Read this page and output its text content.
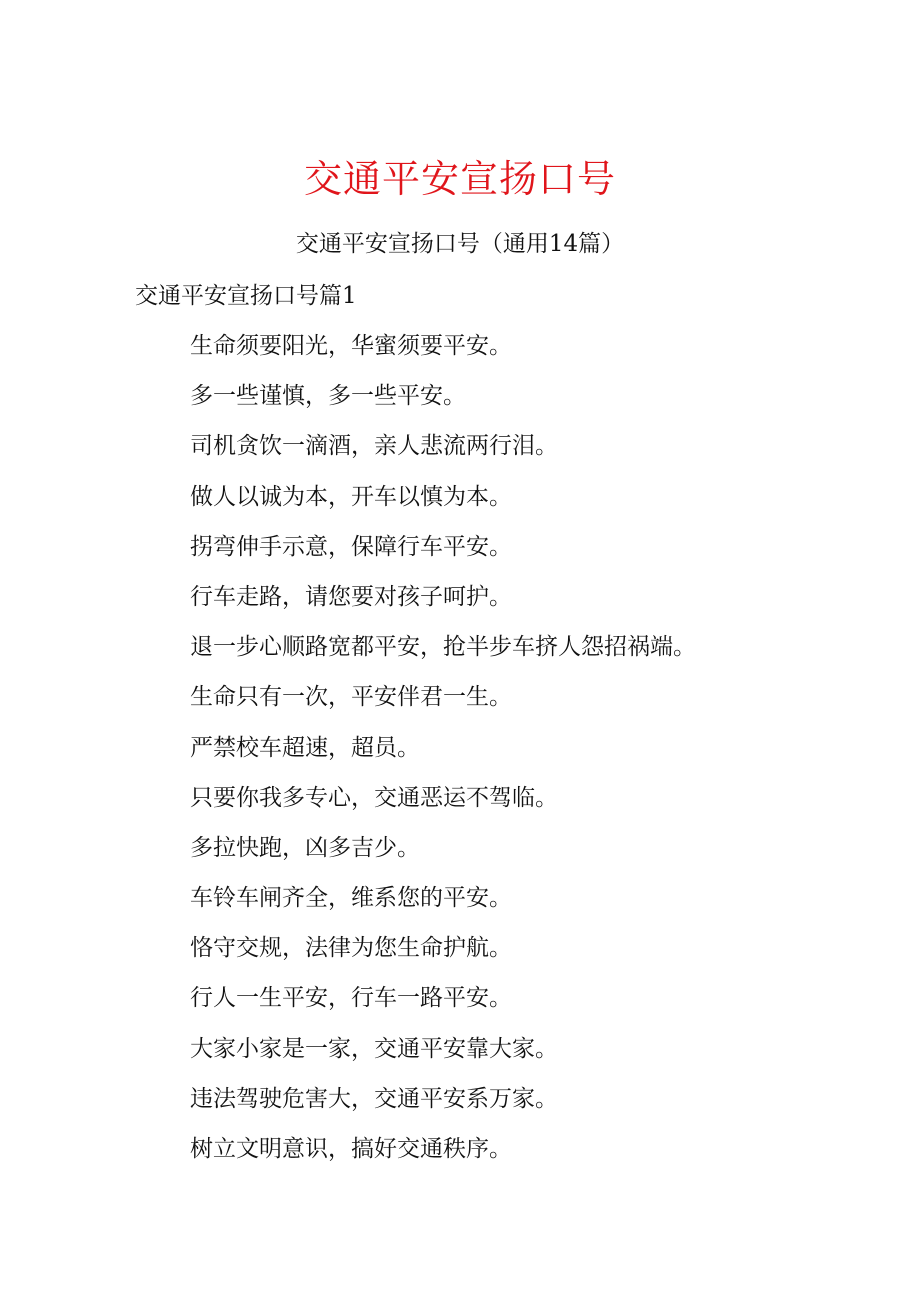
交通平安宣扬口号
交通平安宣扬口号（通用14篇）
交通平安宣扬口号篇1
生命须要阳光，华蜜须要平安。
多一些谨慎，多一些平安。
司机贪饮一滴酒，亲人悲流两行泪。
做人以诚为本，开车以慎为本。
拐弯伸手示意，保障行车平安。
行车走路，请您要对孩子呵护。
退一步心顺路宽都平安，抢半步车挤人怨招祸端。
生命只有一次，平安伴君一生。
严禁校车超速，超员。
只要你我多专心，交通恶运不驾临。
多拉快跑，凶多吉少。
车铃车闸齐全，维系您的平安。
恪守交规，法律为您生命护航。
行人一生平安，行车一路平安。
大家小家是一家，交通平安靠大家。
违法驾驶危害大，交通平安系万家。
树立文明意识，搞好交通秩序。
